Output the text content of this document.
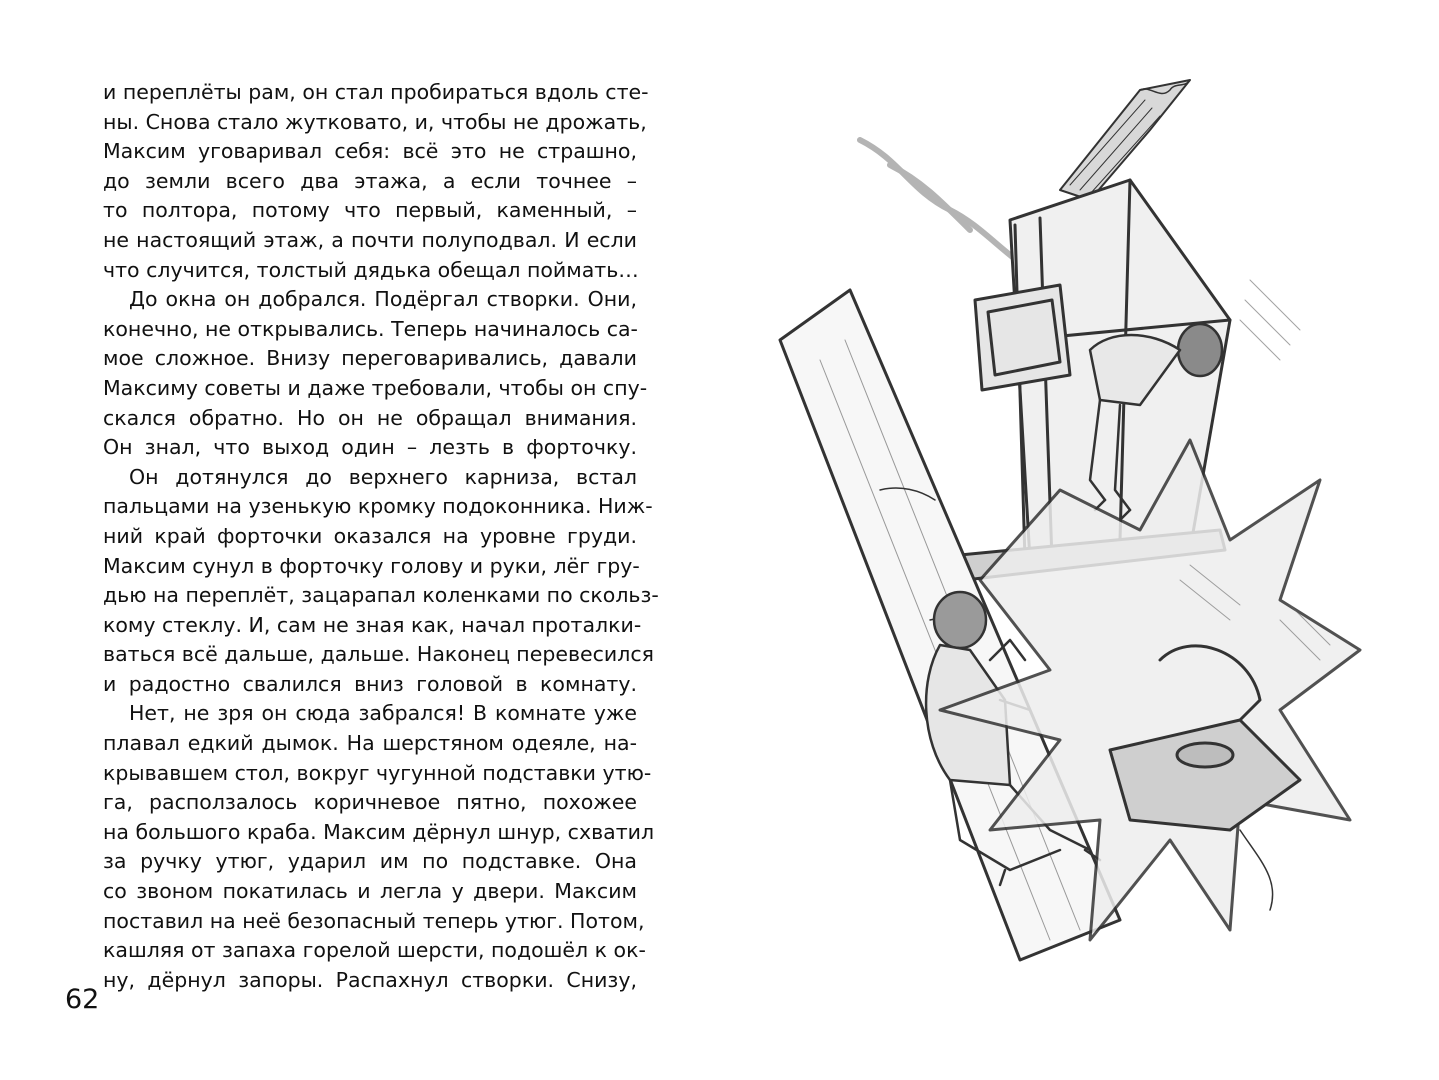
и переплёты рам, он стал пробираться вдоль сте-
ны. Снова стало жутковато, и, чтобы не дрожать,
Максим уговаривал себя: всё это не страшно,
до земли всего два этажа, а если точнее –
то полтора, потому что первый, каменный, –
не настоящий этаж, а почти полуподвал. И если
что случится, толстый дядька обещал поймать…
До окна он добрался. Подёргал створки. Они,
конечно, не открывались. Теперь начиналось са-
мое сложное. Внизу переговаривались, давали
Максиму советы и даже требовали, чтобы он спу-
скался обратно. Но он не обращал внимания.
Он знал, что выход один – лезть в форточку.
Он дотянулся до верхнего карниза, встал
пальцами на узенькую кромку подоконника. Ниж-
ний край форточки оказался на уровне груди.
Максим сунул в форточку голову и руки, лёг гру-
дью на переплёт, зацарапал коленками по скольз-
кому стеклу. И, сам не зная как, начал проталки-
ваться всё дальше, дальше. Наконец перевесился
и радостно свалился вниз головой в комнату.
Нет, не зря он сюда забрался! В комнате уже
плавал едкий дымок. На шерстяном одеяле, на-
крывавшем стол, вокруг чугунной подставки утю-
га, расползалось коричневое пятно, похожее
на большого краба. Максим дёрнул шнур, схватил
за ручку утюг, ударил им по подставке. Она
со звоном покатилась и легла у двери. Максим
поставил на неё безопасный теперь утюг. Потом,
кашляя от запаха горелой шерсти, подошёл к ок-
ну, дёрнул запоры. Распахнул створки. Снизу,
62
